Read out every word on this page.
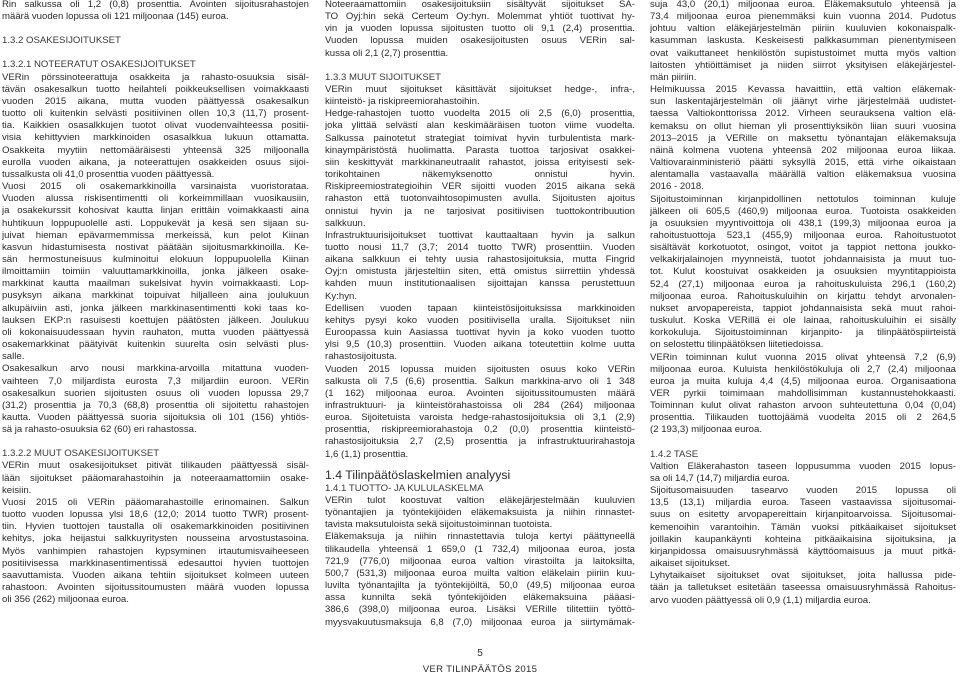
Rin salkussa oli 1,2 (0,8) prosenttia. Avointen sijoitusrahastojen
määrä vuoden lopussa oli 121 miljoonaa (145) euroa.
1.3.2 OSAKESIJOITUKSET
1.3.2.1 NOTEERATUT OSAKESIJOITUKSET
VERin pörssinoteerattuja osakkeita ja rahasto-osuuksia sisäl-
tävän osakesalkun tuotto heilahteli poikkeuksellisen voimakkaasti
vuoden 2015 aikana, mutta vuoden päättyessä osakesalkun
tuotto oli kuitenkin selvästi positiivinen ollen 10,3 (11,7) prosent-
tia. Kaikkien osasalkkujen tuotot olivat vuodenvaihteessa positii-
visia kehittyvien markkinoiden osasalkkua lukuun ottamatta.
Osakkeita myytiin nettomääräisesti yhteensä 325 miljoonalla
eurolla vuoden aikana, ja noteerattujen osakkeiden osuus sijoi-
tussalkusta oli 41,0 prosenttia vuoden päättyessä.
Vuosi 2015 oli osakemarkkinoilla varsinaista vuoristorataa.
Vuoden alussa riskisentimentti oli korkeimmillaan vuosikausiin,
ja osakekurssit kohosivat kautta linjan erittäin voimakkaasti aina
huhtikuun loppupuolelle asti. Loppukevät ja kesä sen sijaan su-
juivat hieman epävarmemmissa merkeissä, kun pelot Kiinan
kasvun hidastumisesta nostivat päätään sijoitusmarkkinoilla. Ke-
sän hermostuneisuus kulminoitui elokuun loppupuolella Kiinan
ilmoittamiin toimiin valuuttamarkkinoilla, jonka jälkeen osake-
markkinat kautta maailman sukelsivat hyvin voimakkaasti. Lop-
pusyksyn aikana markkinat toipuivat hiljalleen aina joulukuun
alkupäiviin asti, jonka jälkeen markkinasentimentti koki taas ko-
lauksen EKP:n rasuisesti koettujen päätösten jälkeen. Joulukuu
oli kokonaisuudessaan hyvin rauhaton, mutta vuoden päättyessä
osakemarkkinat päätyivät kuitenkin suurelta osin selvästi plus-
salle.
Osakesalkun arvo nousi markkina-arvoilla mitattuna vuoden-
vaihteen 7,0 miljardista eurosta 7,3 miljardiin euroon. VERin
osakesalkun suorien sijoitusten osuus oli vuoden lopussa 29,7
(31,2) prosenttia ja 70,3 (68,8) prosenttia oli sijoitettu rahastojen
kautta. Vuoden päättyessä suoria sijoituksia oli 101 (156) yhtiös-
sä ja rahasto-osuuksia 62 (60) eri rahastossa.
1.3.2.2 MUUT OSAKESIJOITUKSET
VERin muut osakesijoitukset pitivät tilikauden päättyessä sisäl-
lään sijoitukset pääomarahastoihin ja noteeraamattomiin osake-
keisiin.
Vuosi 2015 oli VERin pääomarahastoille erinomainen. Salkun
tuotto vuoden lopussa ylsi 18,6 (12,0; 2014 tuotto TWR) prosent-
tiin. Hyvien tuottojen taustalla oli osakemarkkinoiden positiivinen
kehitys, joka heijastui salkkuyritysten nousseina arvostustasoina.
Myös vanhimpien rahastojen kypsyminen irtautumisvaiheeseen
positiivisessa markkinasentimentissä edesauttoi hyvien tuottojen
saavuttamista. Vuoden aikana tehtiin sijoitukset kolmeen uuteen
rahastoon. Avointen sijoitussitoumusten määrä vuoden lopussa
oli 356 (262) miljoonaa euroa.
Noteeraamattomiin osakesijoituksiin sisältyvät sijoitukset SA-
TO Oyj:hin sekä Certeum Oy:hyn. Molemmat yhtiöt tuottivat hy-
vin ja vuoden lopussa sijoitusten tuotto oli 9,1 (2,4) prosenttia.
Vuoden lopussa muiden osakesijoitusten osuus VERin sal-
kussa oli 2,1 (2,7) prosenttia.
1.3.3 MUUT SIJOITUKSET
VERin muut sijoitukset käsittävät sijoitukset hedge-, infra-,
kiinteistö- ja riskipreemiorahastoihin.
Hedge-rahastojen tuotto vuodelta 2015 oli 2,5 (6,0) prosenttia,
joka ylittää selvästi alan keskimääräisen tuoton viime vuodelta.
Salkussa painotetut strategiat toimivat hyvin turbulentista mark-
kinaympäristöstä huolimatta. Parasta tuottoa tarjosivat osakkei-
siin keskittyvät markkinaneutraalit rahastot, joissa erityisesti sek-
torikohtainen näkemyksenotto onnistui hyvin.
Riskipreemiostrategioihin VER sijoitti vuoden 2015 aikana sekä
rahaston että tuotonvaihtosopimusten avulla. Sijoitusten ajoitus
onnistui hyvin ja ne tarjosivat positiivisen tuottokontribuution
salkkuun.
Infrastruktuurisijoitukset tuottivat kauttaaltaan hyvin ja salkun
tuotto nousi 11,7 (3,7; 2014 tuotto TWR) prosenttiin. Vuoden
aikana salkkuun ei tehty uusia rahastosijoituksia, mutta Fingrid
Oyj:n omistusta järjesteltiin siten, että omistus siirrettiin yhdessä
kahden muun institutionaalisen sijoittajan kanssa perustettuun
Ky:hyn.
Edellisen vuoden tapaan kiinteistösijoituksissa markkinoiden
kehitys pysyi koko vuoden positiivisella uralla. Sijoitukset niin
Euroopassa kuin Aasiassa tuottivat hyvin ja koko vuoden tuotto
ylsi 9,5 (10,3) prosenttiin. Vuoden aikana toteutettiin kolme uutta
rahastosijoitusta.
Vuoden 2015 lopussa muiden sijoitusten osuus koko VERin
salkusta oli 7,5 (6,6) prosenttia. Salkun markkina-arvo oli 1 348
(1 162) miljoonaa euroa. Avointen sijoitussitoumusten määrä
infrastruktuuri- ja kiinteistörahastoissa oli 284 (264) miljoonaa
euroa. Sijoitetuista varoista hedge-rahastosijoituksia oli 3,1 (2,9)
prosenttia, riskipreemiorahastoja 0,2 (0,0) prosenttia kiinteistö-
rahastosijoituksia 2,7 (2,5) prosenttia ja infrastruktuurirahastoja
1,6 (1,1) prosenttia.
1.4 Tilinpäätöslaskelmien analyysi
1.4.1 TUOTTO- JA KULULASKELMA
VERin tulot koostuvat valtion eläkejärjestelmään kuuluvien
työnantajien ja työntekijöiden eläkemaksuista ja niihin rinnastet-
tavista maksutuloista sekä sijoitustoiminnan tuotoista.
Eläkemaksuja ja niihin rinnastettavia tuloja kertyi päättyneellä
tilikaudella yhteensä 1 659,0 (1 732,4) miljoonaa euroa, josta
721,9 (776,0) miljoonaa euroa valtion virastoilta ja laitoksilta,
500,7 (531,3) miljoonaa euroa muilta valtion eläkelain piiriin kuu-
luvilta työnantajilta ja työntekijöiltä, 50,0 (49,5) miljoonaa euroa
assa kunnilta sekä työntekijöiden eläkemaksuina pääasi-
386,6 (398,0) miljoonaa euroa. Lisäksi VERille tilitettiin työttö-
myysvakuutusmaksuja 6,8 (7,0) miljoonaa euroa ja siirtymämak-
suja 43,0 (20,1) miljoonaa euroa. Eläkemaksutulo yhteensä ja
73,4 miljoonaa euroa pienemmäksi kuin vuonna 2014. Pudotus
johtuu valtion eläkejärjestelmän piiriin kuuluvien kokonaispalk-
kasumman laskusta. Keskeisesti palkkasumman pienentymiseen
ovat vaikuttaneet henkilöstön supistustoimet mutta myös valtion
laitosten yhtiöittämiset ja niiden siirrot yksityisen eläkejärjestel-
män piiriin.
Helmikuussa 2015 Kevassa havaittiin, että valtion eläkemak-
sun laskentajärjestelmän oli jäänyt virhe järjestelmää uudistet-
taessa Valtiokonttorissa 2012. Virheen seurauksena valtion elä-
kemaksu on ollut hieman yli prosenttiyksikön liian suuri vuosina
2013–2015 ja VERille on maksettu työnantajan eläkemaksuja
näinä kolmena vuotena yhteensä 202 miljoonaa euroa liikaa.
Valtiovarainministeriö päätti syksyllä 2015, että virhe oikaistaan
alentamalla vastaavalla määrällä valtion eläkemaksua vuosina
2016 - 2018.
Sijoitustoiminnan kirjanpidollinen nettotulos toiminnan kuluje
jälkeen oli 605,5 (460,9) miljoonaa euroa. Tuotoista osakkeiden
ja osuuksien myyntivoittoja oli 438,1 (199,3) miljoonaa euroa ja
rahoitustuottoja 523,1 (455,9) miljoonaa euroa. Rahoitustuotot
sisältävät korkotuotot, osingot, voitot ja tappiot nettona joukko-
velkakirjalainojen myynneistä, tuotot johdannaisista ja muut tuo-
tot. Kulut koostuivat osakkeiden ja osuuksien myyntitappioista
52,4 (27,1) miljoonaa euroa ja rahoituskuluista 296,1 (160,2)
miljoonaa euroa. Rahoituskuluihin on kirjattu tehdyt arvonalen-
nukset arvopapereista, tappiot johdannaisista sekä muut rahoi-
tuskulut. Koska VERillä ei ole lainaa, rahoituskuluihin ei sisälly
korkokuluja. Sijoitustoiminnan kirjanpito- ja tilinpäätöspiirteistä
on selostettu tilinpäätöksen liitetiedoissa.
VERin toiminnan kulut vuonna 2015 olivat yhteensä 7,2 (6,9)
miljoonaa euroa. Kuluista henkilöstökuluja oli 2,7 (2,4) miljoonaa
euroa ja muita kuluja 4,4 (4,5) miljoonaa euroa. Organisaationa
VER pyrkii toimimaan mahdollisimman kustannustehokkaasti.
Toiminnan kulut olivat rahaston arvoon suhteutettuna 0,04 (0,04)
prosenttia. Tilikauden tuottojäämä vuodelta 2015 oli 2 264,5
(2 193,3) miljoonaa euroa.
1.4.2 TASE
Valtion Eläkerahaston taseen loppusumma vuoden 2015 lopus-
sa oli 14,7 (14,7) miljardia euroa.
Sijoitusomaisuuden tasearvo vuoden 2015 lopussa oli
13,5 (13,1) miljardia euroa. Taseen vastaavissa sijoitusomai-
suus on esitetty arvopapereittain kirjanpitoarvoissa. Sijoitusomai-
kemenoihin varantoihin. Tämän vuoksi pitkäaikaiset sijoitukset
joillakin kaupankäynti kohteina pitkäaikaisina sijoituksina, ja
kirjanpidossa omaisuusryhmässä käyttöomaisuus ja muut pitkä-
aikaiset sijoitukset.
Lyhytaikaiset sijoitukset ovat sijoitukset, joita hallussa pide-
tään ja talletukset esitetään taseessa omaisuusryhmässä Rahoitus-
arvo vuoden päättyessä oli 0,9 (1,1) miljardia euroa.
5
VER TILINPÄÄTÖS 2015
